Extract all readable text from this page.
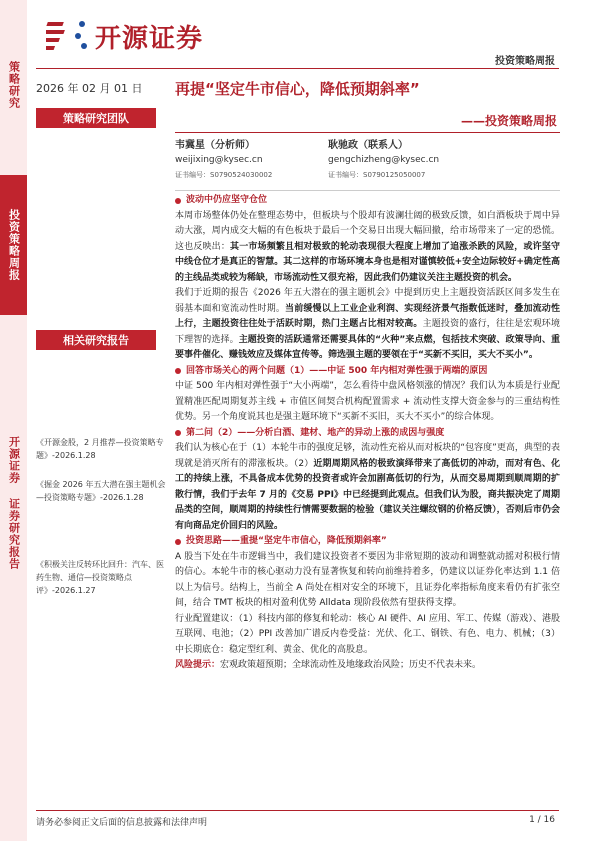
策略研究
投资策略周报
开源证券 证券研究报告
开源证券
投资策略周报
2026 年 02 月 01 日 再提“坚定牛市信心，降低预期斜率”
——投资策略周报
策略研究团队
韦冀星（分析师）
weijixing@kysec.cn
证书编号：S0790524030002
耿驰政（联系人）
gengchizheng@kysec.cn
证书编号：S0790125050007
相关研究报告
《开源金股，2 月推荐—投资策略专题》-2026.1.28
《掘金 2026 年五大潜在强主题机会—投资策略专题》-2026.1.28
《积极关注反转环比回升：汽车、医药生物、通信—投资策略点评》-2026.1.27
波动中仍应坚守仓位

本周市场整体仍处在整理态势中，但板块与个股却有波澜壮阔的极致反馈，如白酒板块于周中异动大涨，周内成交大幅的有色板块于最后一个交易日出现大幅回撤，给市场带来了一定的恐慌。这也反映出：其一市场频繁且相对极致的轮动表现很大程度上增加了追涨杀跌的风险，或许坚守中线仓位才是真正的智慧。其二这样的市场环境本身也是相对谨慎较低+安全边际较好+确定性高的主线品类或较为稀缺，市场流动性又很充裕，因此我们仍建议关注主题投资的机会。

我们于近期的报告《2026 年五大潜在的强主题机会》中提到历史上主题投资活跃区间多发生在弱基本面和宽流动性时期。当前缓慢以上工业企业利润、实现经济景气指数低迷时，叠加流动性上行，主题投资往往处于活跃时期，热门主题占比相对较高。主题投资的盛行，往往是宏观环境下理智的选择。主题投资的活跃通常还需要具体的“火种”来点燃，包括技术突破、政策导向、重要事件催化、赚钱效应及媒体宣传等。筛选强主题的要领在于“买新不买旧，买大不买小”。

回答市场关心的两个问题（1）——中证 500 年内相对弹性强于两端的原因

中证 500 年内相对弹性强于“大小两端”，怎么看待中盘风格领涨的情况？我们认为本质是行业配置精准匹配周期复苏主线 + 市值区间契合机构配置需求 + 流动性支撑大资金参与的三重结构性优势。另一个角度说其也是强主题环境下“买新不买旧，买大不买小”的综合体现。

第二问（2）——分析白酒、建材、地产的异动上涨的成因与强度

我们认为核心在于（1）本轮牛市的强度足够，流动性充裕从而对板块的“包容度”更高，典型的表现就是消灭所有的滞涨板块。（2）近期周期风格的极致演绎带来了高低切的冲动，而对有色、化工的持续上涨，不具备成本优势的投资者或许会加剧高低切的行为，从而交易周期到顺周期的扩散行情，我们于去年 7 月的《交易 PPI》中已经提到此观点。但我们认为股，商共振决定了周期品类的空间，顺周期的持续性行情需要数据的检验（建议关注螺纹钢的价格反馈），否则后市仍会有向商品定价回归的风险。

投资思路——重提“坚定牛市信心，降低预期斜率”

A 股当下处在牛市逻辑当中，我们建议投资者不要因为非常短期的波动和调整就动摇对积极行情的信心。本轮牛市的核心驱动力没有显著恢复和转向前维持着多，仍建议以证券化率达到 1.1 倍以上为信号。结构上，当前全 A 尚处在相对安全的环境下，且证券化率指标角度来看仍有扩张空间，结合 TMT 板块的相对盈利优势 Alldata 现阶段依然有望获得支撑。

行业配置建议：（1）科技内部的修复和轮动：核心 AI 硬件、AI 应用、军工、传媒（游戏）、港股互联网、电池；（2）PPI 改善加广谱反内卷受益：光伏、化工、钢铁、有色、电力、机械；（3）中长期底仓：稳定型红利、黄金、优化的高股息。

风险提示：宏观政策超预期；全球流动性及地缘政治风险；历史不代表未来。

请务必参阅正文后面的信息披露和法律声明	1 / 16
